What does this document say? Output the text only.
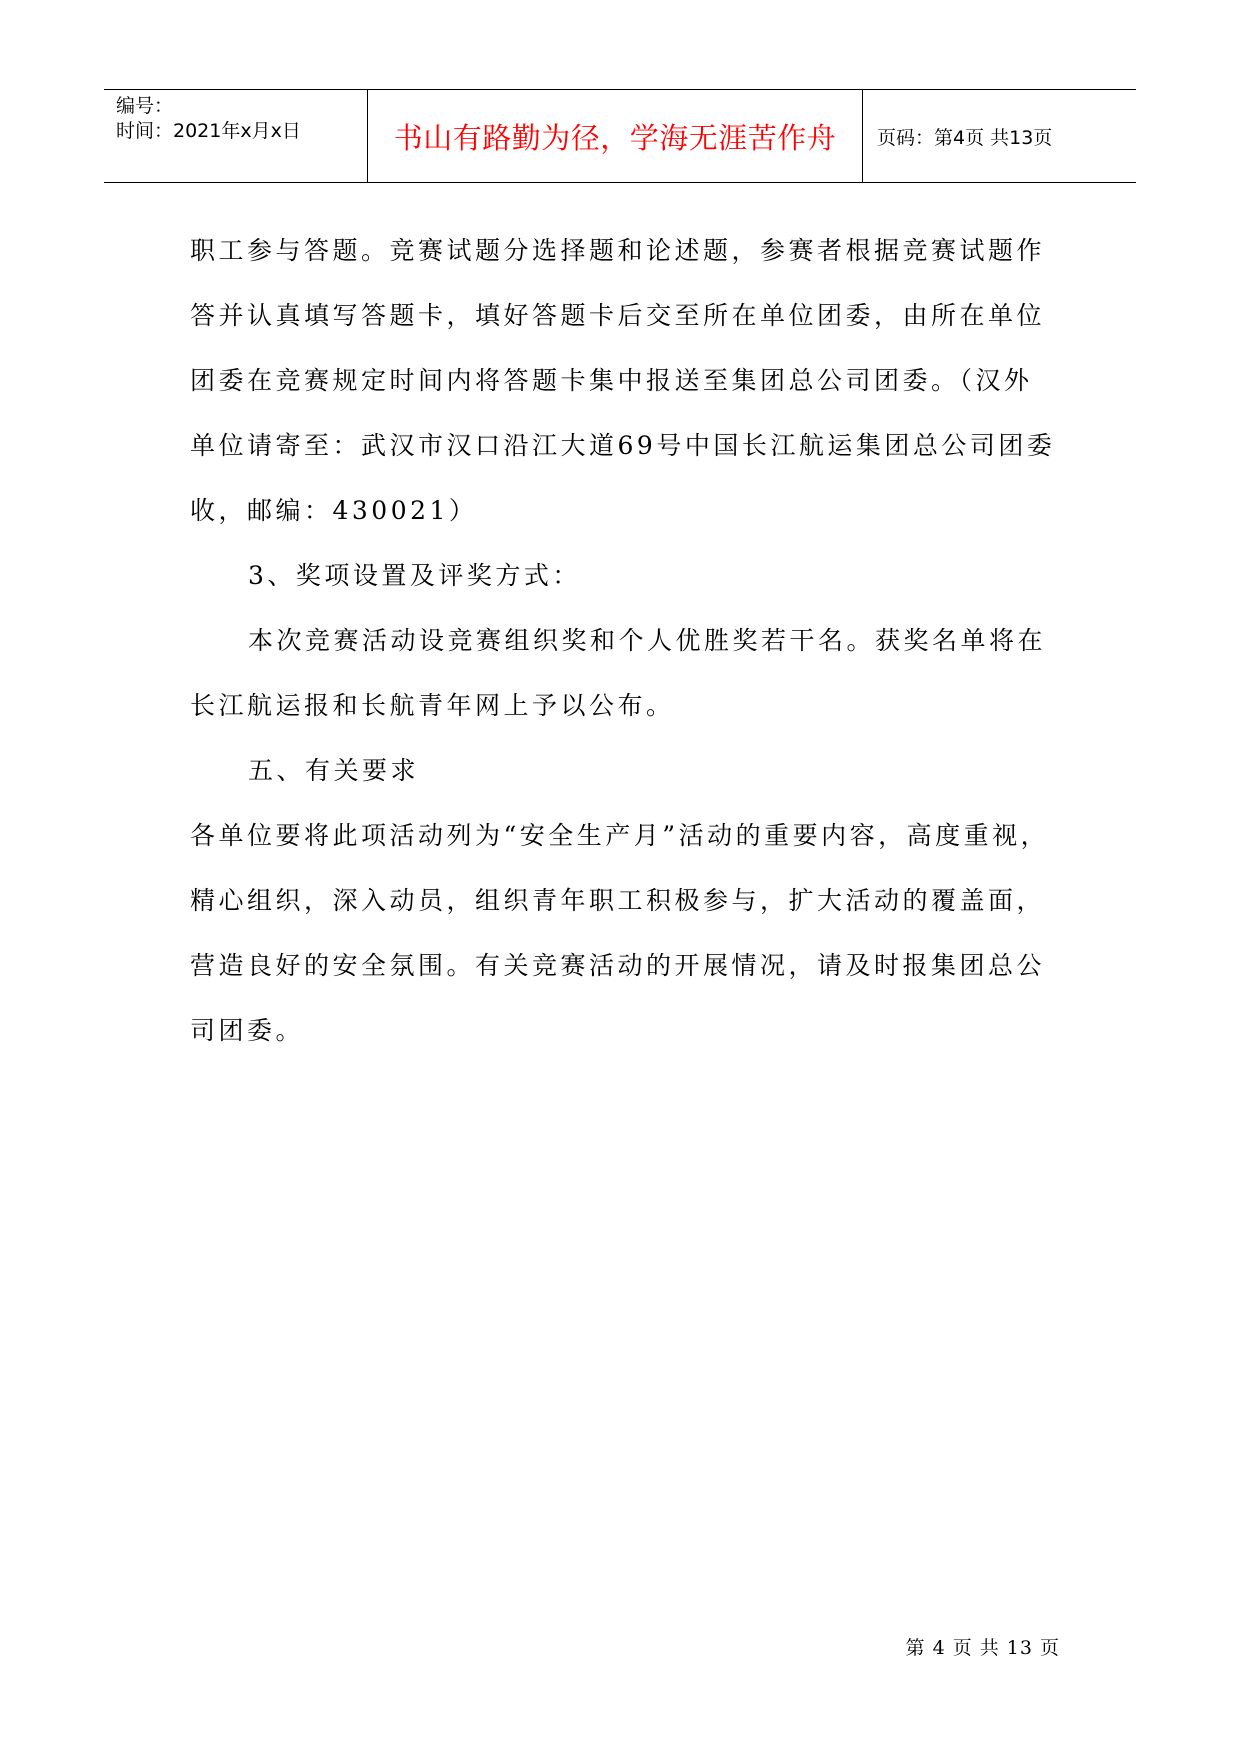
编号：
时间：2021年x月x日	书山有路勤为径，学海无涯苦作舟 页码：第4页 共13页

职工参与答题。竞赛试题分选择题和论述题，参赛者根据竞赛试题作答并认真填写答题卡，填好答题卡后交至所在单位团委，由所在单位团委在竞赛规定时间内将答题卡集中报送至集团总公司团委。（汉外单位请寄至：武汉市汉口沿江大道69号中国长江航运集团总公司团委收，邮编：430021）

3、奖项设置及评奖方式：

本次竞赛活动设竞赛组织奖和个人优胜奖若干名。获奖名单将在长江航运报和长航青年网上予以公布。

五、有关要求

各单位要将此项活动列为“安全生产月”活动的重要内容，高度重视，精心组织，深入动员，组织青年职工积极参与，扩大活动的覆盖面，营造良好的安全氛围。有关竞赛活动的开展情况，请及时报集团总公司团委。

第 4 页 共 13 页
